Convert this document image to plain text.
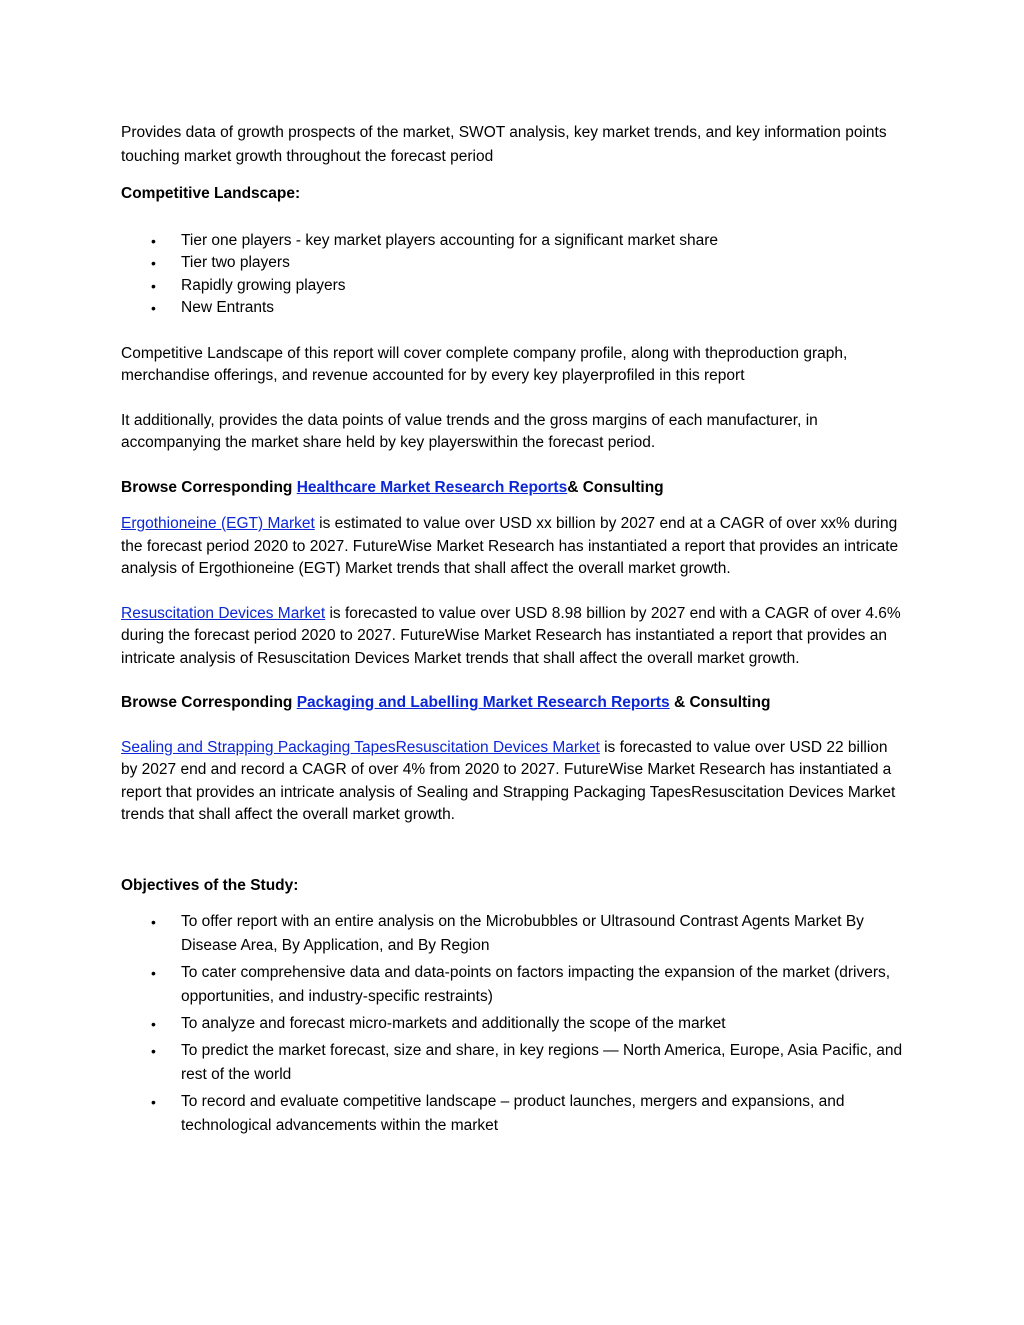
Provides data of growth prospects of the market, SWOT analysis, key market trends, and key information points touching market growth throughout the forecast period

Competitive Landscape:

• Tier one players - key market players accounting for a significant market share
• Tier two players
• Rapidly growing players
• New Entrants

Competitive Landscape of this report will cover complete company profile, along with theproduction graph, merchandise offerings, and revenue accounted for by every key playerprofiled in this report

It additionally, provides the data points of value trends and the gross margins of each manufacturer, in accompanying the market share held by key playerswithin the forecast period.

Browse Corresponding Healthcare Market Research Reports& Consulting

Ergothioneine (EGT) Market is estimated to value over USD xx billion by 2027 end at a CAGR of over xx% during the forecast period 2020 to 2027. FutureWise Market Research has instantiated a report that provides an intricate analysis of Ergothioneine (EGT) Market trends that shall affect the overall market growth.

Resuscitation Devices Market is forecasted to value over USD 8.98 billion by 2027 end with a CAGR of over 4.6% during the forecast period 2020 to 2027. FutureWise Market Research has instantiated a report that provides an intricate analysis of Resuscitation Devices Market trends that shall affect the overall market growth.

Browse Corresponding Packaging and Labelling Market Research Reports & Consulting

Sealing and Strapping Packaging TapesResuscitation Devices Market is forecasted to value over USD 22 billion by 2027 end and record a CAGR of over 4% from 2020 to 2027. FutureWise Market Research has instantiated a report that provides an intricate analysis of Sealing and Strapping Packaging TapesResuscitation Devices Market trends that shall affect the overall market growth.

Objectives of the Study:

• To offer report with an entire analysis on the Microbubbles or Ultrasound Contrast Agents Market By Disease Area, By Application, and By Region
• To cater comprehensive data and data-points on factors impacting the expansion of the market (drivers, opportunities, and industry-specific restraints)
• To analyze and forecast micro-markets and additionally the scope of the market
• To predict the market forecast, size and share, in key regions — North America, Europe, Asia Pacific, and rest of the world
• To record and evaluate competitive landscape – product launches, mergers and expansions, and technological advancements within the market
